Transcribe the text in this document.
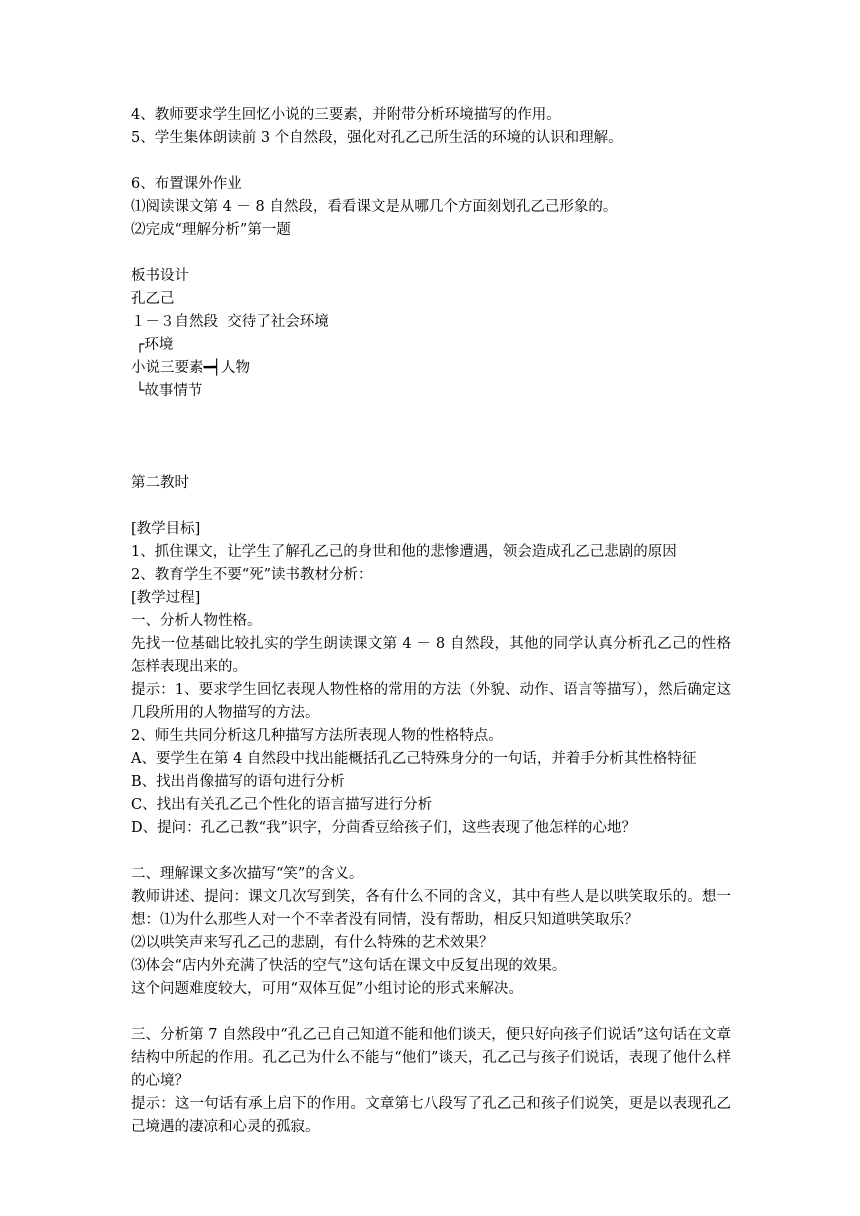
4、教师要求学生回忆小说的三要素，并附带分析环境描写的作用。
5、学生集体朗读前 3 个自然段，强化对孔乙己所生活的环境的认识和理解。
6、布置课外作业
⑴阅读课文第 4 － 8 自然段，看看课文是从哪几个方面刻划孔乙己形象的。
⑵完成“理解分析”第一题
板书设计
孔乙己
１－３自然段  交待了社会环境
┌环境
小说三要素━┥人物
└故事情节
第二教时
[教学目标]
1、抓住课文，让学生了解孔乙己的身世和他的悲惨遭遇，领会造成孔乙己悲剧的原因
2、教育学生不要“死”读书教材分析：
[教学过程]
一、分析人物性格。
先找一位基础比较扎实的学生朗读课文第 4 － 8 自然段，其他的同学认真分析孔乙己的性格怎样表现出来的。
提示：1、要求学生回忆表现人物性格的常用的方法（外貌、动作、语言等描写），然后确定这几段所用的人物描写的方法。
2、师生共同分析这几种描写方法所表现人物的性格特点。
A、要学生在第 4 自然段中找出能概括孔乙己特殊身分的一句话，并着手分析其性格特征
B、找出肖像描写的语句进行分析
C、找出有关孔乙己个性化的语言描写进行分析
D、提问：孔乙己教“我”识字，分茴香豆给孩子们，这些表现了他怎样的心地？
二、理解课文多次描写“笑”的含义。
教师讲述、提问：课文几次写到笑，各有什么不同的含义，其中有些人是以哄笑取乐的。想一想：⑴为什么那些人对一个不幸者没有同情，没有帮助，相反只知道哄笑取乐？
⑵以哄笑声来写孔乙己的悲剧，有什么特殊的艺术效果？
⑶体会“店内外充满了快活的空气”这句话在课文中反复出现的效果。
这个问题难度较大，可用“双体互促”小组讨论的形式来解决。
三、分析第 7 自然段中“孔乙己自己知道不能和他们谈天，便只好向孩子们说话”这句话在文章结构中所起的作用。孔乙己为什么不能与“他们”谈天，孔乙己与孩子们说话，表现了他什么样的心境？
提示：这一句话有承上启下的作用。文章第七八段写了孔乙己和孩子们说笑，更是以表现孔乙己境遇的凄凉和心灵的孤寂。
